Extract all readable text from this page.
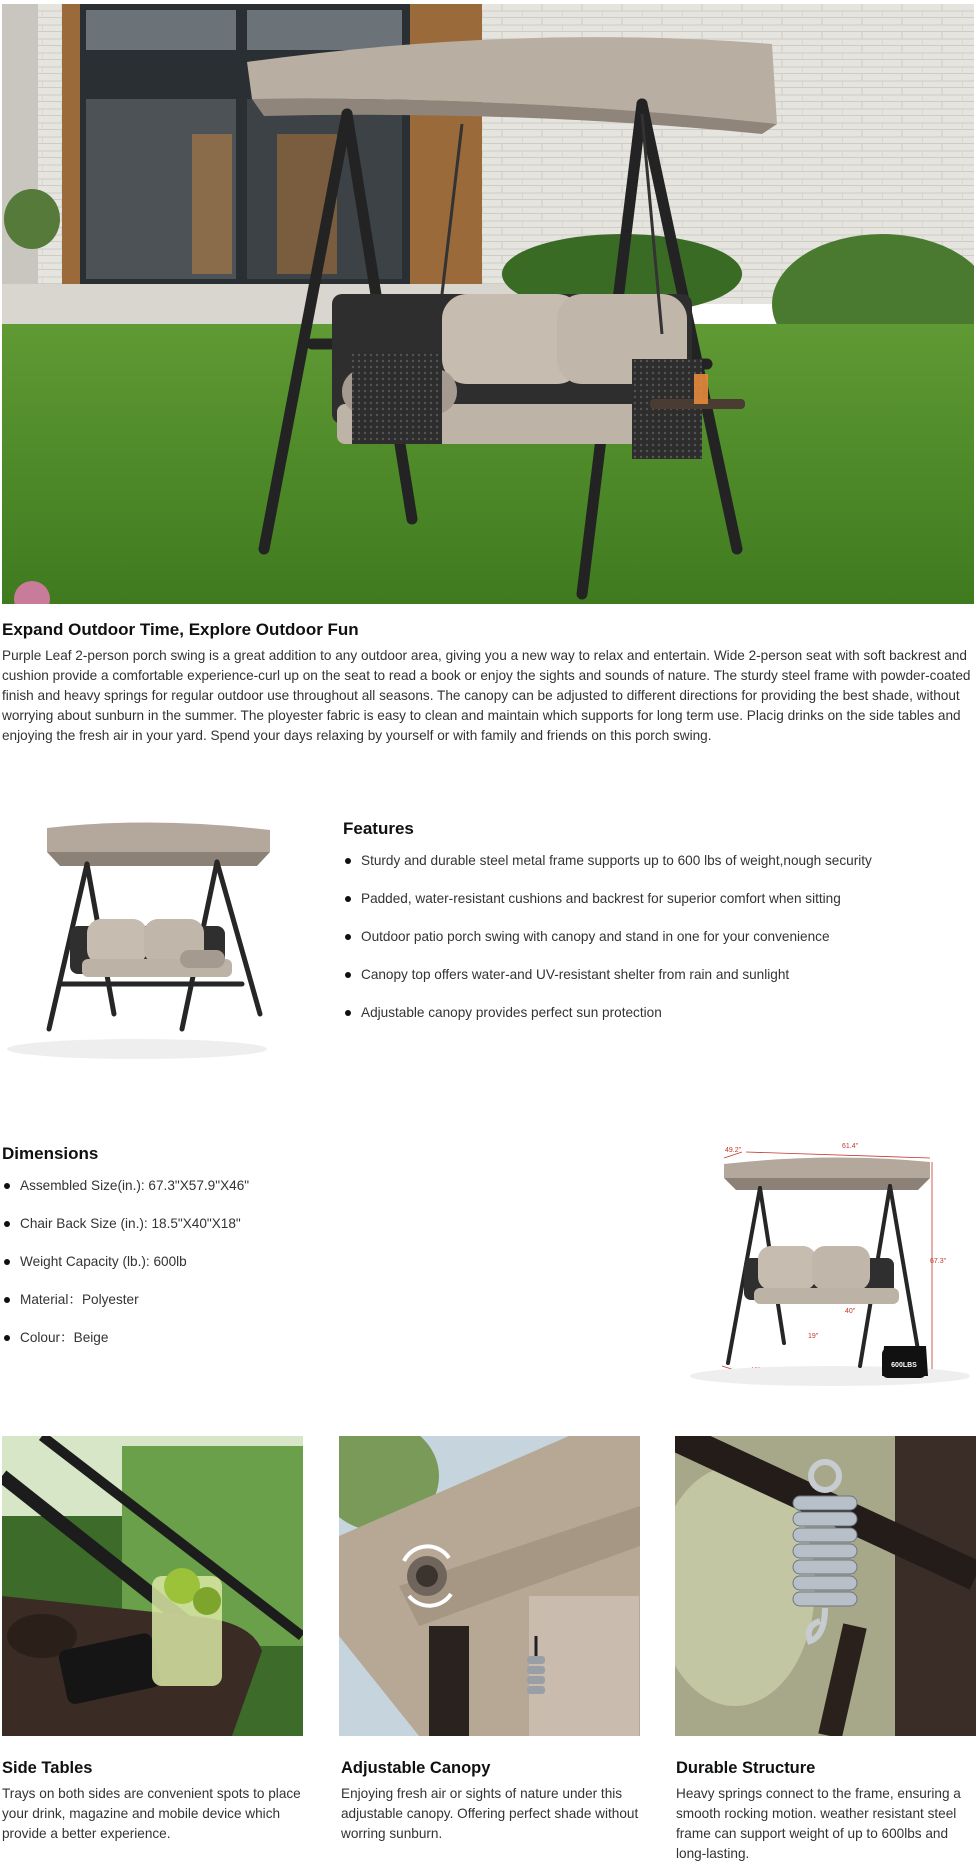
Expand Outdoor Time, Explore Outdoor Fun

Purple Leaf 2-person porch swing is a great addition to any outdoor area, giving you a new way to relax and entertain. Wide 2-person seat with soft backrest and cushion provide a comfortable experience-curl up on the seat to read a book or enjoy the sights and sounds of nature. The sturdy steel frame with powder-coated finish and heavy springs for regular outdoor use throughout all seasons. The canopy can be adjusted to different directions for providing the best shade, without worrying about sunburn in the summer. The ployester fabric is easy to clean and maintain which supports for long term use. Placig drinks on the side tables and enjoying the fresh air in your yard. Spend your days relaxing by yourself or with family and friends on this porch swing.

Features
Sturdy and durable steel metal frame supports up to 600 lbs of weight,nough security
Padded, water-resistant cushions and backrest for superior comfort when sitting
Outdoor patio porch swing with canopy and stand in one for your convenience
Canopy top offers water-and UV-resistant shelter from rain and sunlight
Adjustable canopy provides perfect sun protection
Dimensions
Assembled Size(in.): 67.3"X57.9"X46"
Chair Back Size (in.): 18.5"X40"X18"
Weight Capacity (lb.): 600lb
Material：Polyester
Colour：Beige
49.2"
61.4"
67.3"
40"
19"
600LBS
Side Tables

Trays on both sides are convenient spots to place your drink, magazine and mobile device which provide a better experience.

Adjustable Canopy

Enjoying fresh air or sights of nature under this adjustable canopy. Offering perfect shade without worring sunburn.

Durable Structure

Heavy springs connect to the frame, ensuring a smooth rocking motion. weather resistant steel frame can support weight of up to 600lbs and long-lasting.
